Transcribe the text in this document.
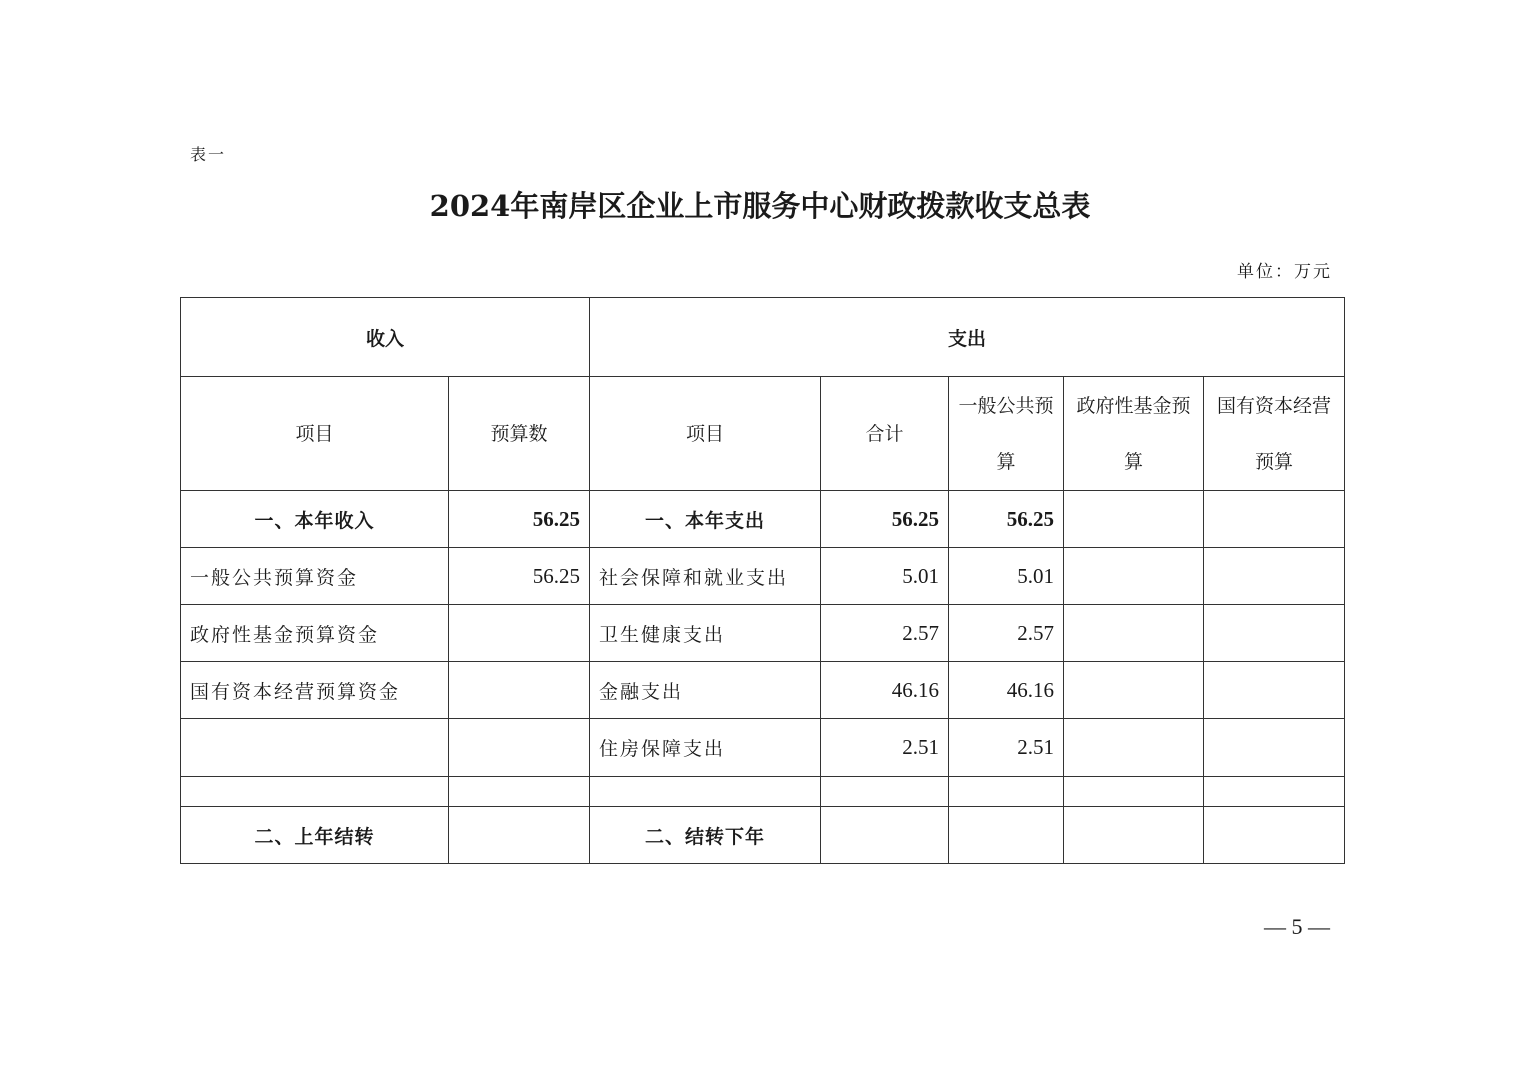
表一
2024年南岸区企业上市服务中心财政拨款收支总表
单位：万元
收入		支出				
项目	预算数	项目	合计	一般公共预算	政府性基金预算	国有资本经营预算
一、本年收入	56.25	一、本年支出	56.25	56.25		
一般公共预算资金	56.25	社会保障和就业支出	5.01	5.01		
政府性基金预算资金		卫生健康支出	2.57	2.57		
国有资本经营预算资金		金融支出	46.16	46.16		
		住房保障支出	2.51	2.51		

二、上年结转		二、结转下年				
— 5 —
